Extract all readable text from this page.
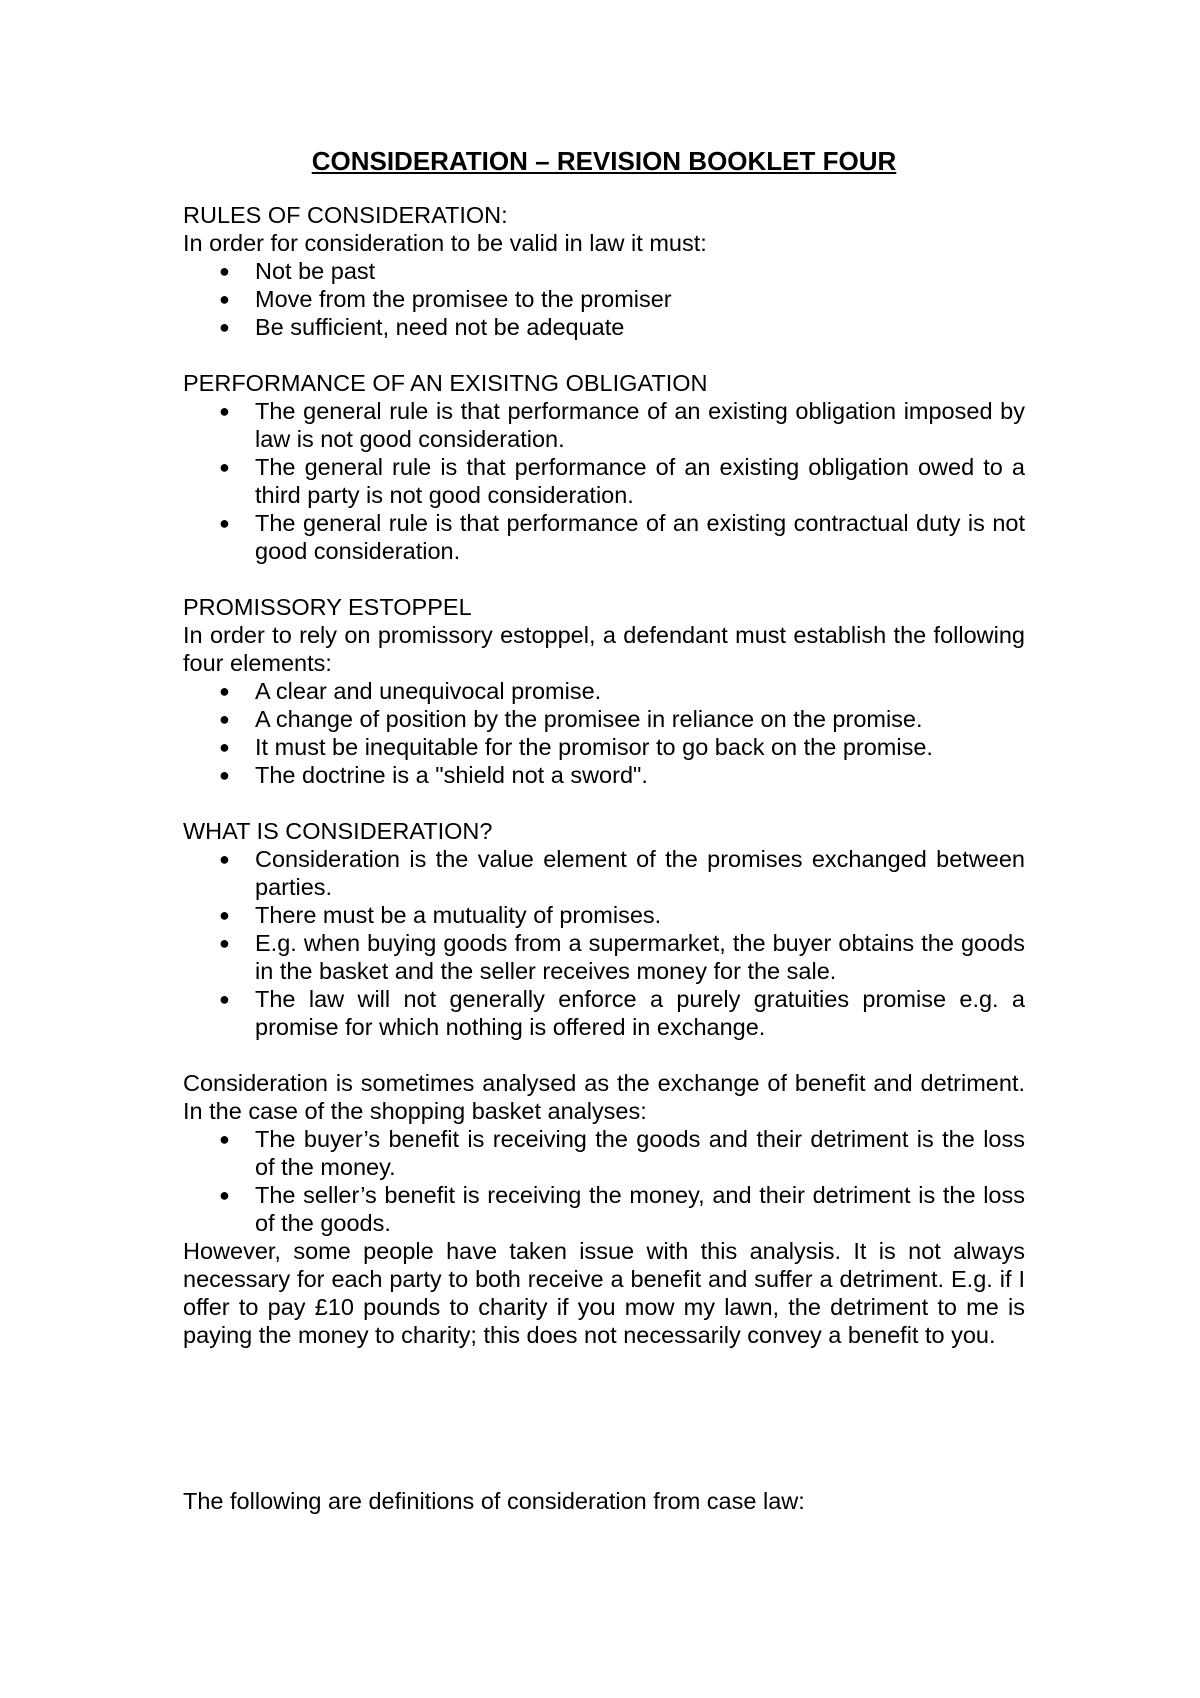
CONSIDERATION – REVISION BOOKLET FOUR

RULES OF CONSIDERATION:

In order for consideration to be valid in law it must:

● Not be past
● Move from the promisee to the promiser
● Be sufficient, need not be adequate

PERFORMANCE OF AN EXISITNG OBLIGATION

● The general rule is that performance of an existing obligation imposed by law is not good consideration.
● The general rule is that performance of an existing obligation owed to a third party is not good consideration.
● The general rule is that performance of an existing contractual duty is not good consideration.

PROMISSORY ESTOPPEL

In order to rely on promissory estoppel, a defendant must establish the following four elements:

● A clear and unequivocal promise.
● A change of position by the promisee in reliance on the promise.
● It must be inequitable for the promisor to go back on the promise.
● The doctrine is a "shield not a sword".

WHAT IS CONSIDERATION?

● Consideration is the value element of the promises exchanged between parties.
● There must be a mutuality of promises.
● E.g. when buying goods from a supermarket, the buyer obtains the goods in the basket and the seller receives money for the sale.
● The law will not generally enforce a purely gratuities promise e.g. a promise for which nothing is offered in exchange.

Consideration is sometimes analysed as the exchange of benefit and detriment. In the case of the shopping basket analyses:

● The buyer’s benefit is receiving the goods and their detriment is the loss of the money.
● The seller’s benefit is receiving the money, and their detriment is the loss of the goods.

However, some people have taken issue with this analysis. It is not always necessary for each party to both receive a benefit and suffer a detriment. E.g. if I offer to pay £10 pounds to charity if you mow my lawn, the detriment to me is paying the money to charity; this does not necessarily convey a benefit to you.

The following are definitions of consideration from case law:
